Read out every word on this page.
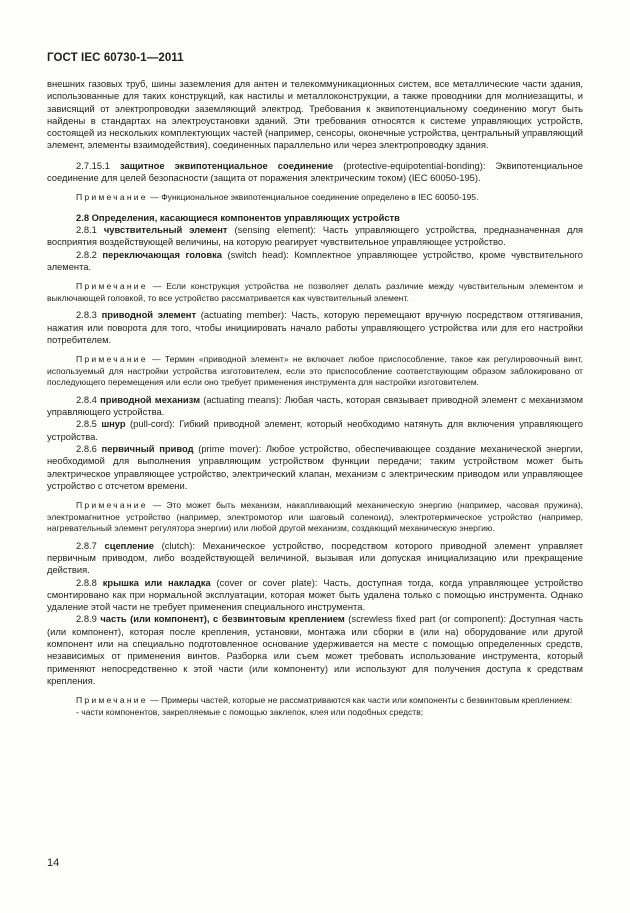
ГОСТ IEC 60730-1—2011

внешних газовых труб, шины заземления для антен и телекоммуникационных систем, все металлические части здания, использованные для таких конструкций, как настилы и металлоконструкции, а также проводники для молниезащиты, и зависящий от электропроводки заземляющий электрод. Требования к эквипотенциальному соединению могут быть найдены в стандартах на электроустановки зданий. Эти требования относятся к системе управляющих устройств, состоящей из нескольких комплектующих частей (например, сенсоры, оконечные устройства, центральный управляющий элемент, элементы взаимодействия), соединенных параллельно или через электропроводку здания.

2.7.15.1 защитное эквипотенциальное соединение (protective-equipotential-bonding): Эквипотенциальное соединение для целей безопасности (защита от поражения электрическим током) (IEC 60050-195).

Примечание — Функциональное эквипотенциальное соединение определено в IEC 60050-195.

2.8 Определения, касающиеся компонентов управляющих устройств

2.8.1 чувствительный элемент (sensing element): Часть управляющего устройства, предназначенная для восприятия воздействующей величины, на которую реагирует чувствительное управляющее устройство.

2.8.2 переключающая головка (switch head): Комплектное управляющее устройство, кроме чувствительного элемента.

Примечание — Если конструкция устройства не позволяет делать различие между чувствительным элементом и выключающей головкой, то все устройство рассматривается как чувствительный элемент.

2.8.3 приводной элемент (actuating member): Часть, которую перемещают вручную посредством оттягивания, нажатия или поворота для того, чтобы инициировать начало работы управляющего устройства или для его настройки потребителем.

Примечание — Термин «приводной элемент» не включает любое приспособление, такое как регулировочный винт, используемый для настройки устройства изготовителем, если это приспособление соответствующим образом заблокировано от последующего перемещения или если оно требует применения инструмента для настройки изготовителем.

2.8.4 приводной механизм (actuating means): Любая часть, которая связывает приводной элемент с механизмом управляющего устройства.

2.8.5 шнур (pull-cord): Гибкий приводной элемент, который необходимо натянуть для включения управляющего устройства.

2.8.6 первичный привод (prime mover): Любое устройство, обеспечивающее создание механической энергии, необходимой для выполнения управляющим устройством функции передачи; таким устройством может быть электрическое управляющее устройство, электрический клапан, механизм с электрическим приводом или управляющее устройство с отсчетом времени.

Примечание — Это может быть механизм, накапливающий механическую энергию (например, часовая пружина), электромагнитное устройство (например, электромотор или шаговый соленоид), электротермическое устройство (например, нагревательный элемент регулятора энергии) или любой другой механизм, создающий механическую энергию.

2.8.7 сцепление (clutch): Механическое устройство, посредством которого приводной элемент управляет первичным приводом, либо воздействующей величиной, вызывая или допуская инициализацию или прекращение действия.

2.8.8 крышка или накладка (cover or cover plate): Часть, доступная тогда, когда управляющее устройство смонтировано как при нормальной эксплуатации, которая может быть удалена только с помощью инструмента. Однако удаление этой части не требует применения специального инструмента.

2.8.9 часть (или компонент), с безвинтовым креплением (screwless fixed part (or component): Доступная часть (или компонент), которая после крепления, установки, монтажа или сборки в (или на) оборудование или другой компонент или на специально подготовленное основание удерживается на месте с помощью определенных средств, независимых от применения винтов. Разборка или съем может требовать использование инструмента, который применяют непосредственно к этой части (или компоненту) или используют для получения доступа к средствам крепления.

Примечание — Примеры частей, которые не рассматриваются как части или компоненты с безвинтовым креплением:

- части компонентов, закрепляемые с помощью заклепок, клея или подобных средств;

14
